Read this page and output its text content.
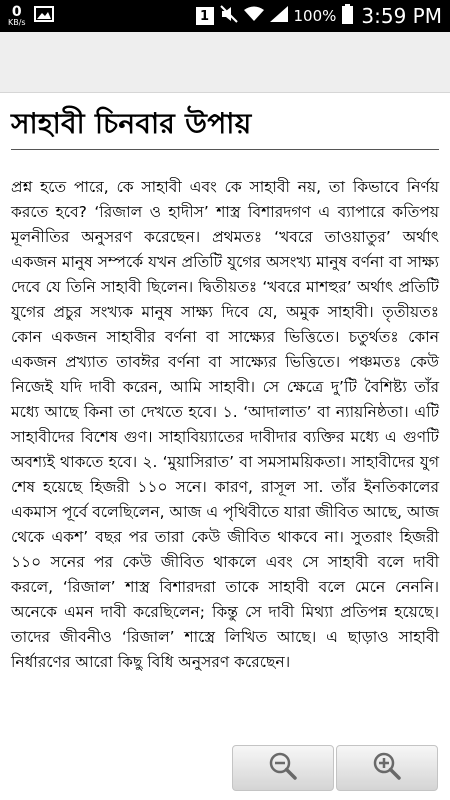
0
KB/s	1	100% 3:59 PM
সাহাবী চিনবার উপায়

প্রশ্ন হতে পারে, কে সাহাবী এবং কে সাহাবী নয়, তা কিভাবে নির্ণয় করতে হবে? ‘রিজাল ও হাদীস’ শাস্ত্র বিশারদগণ এ ব্যাপারে কতিপয় মূলনীতির অনুসরণ করেছেন। প্রথমতঃ ‘খবরে তাওয়াতুর’ অর্থাৎ একজন মানুষ সম্পর্কে যখন প্রতিটি যুগের অসংখ্য মানুষ বর্ণনা বা সাক্ষ্য দেবে যে তিনি সাহাবী ছিলেন। দ্বিতীয়তঃ ‘খবরে মাশহুর’ অর্থাৎ প্রতিটি যুগের প্রচুর সংখ্যক মানুষ সাক্ষ্য দিবে যে, অমুক সাহাবী। তৃতীয়তঃ কোন একজন সাহাবীর বর্ণনা বা সাক্ষ্যের ভিত্তিতে। চতুর্থতঃ কোন একজন প্রখ্যাত তাবঈর বর্ণনা বা সাক্ষ্যের ভিত্তিতে। পঞ্চমতঃ কেউ নিজেই যদি দাবী করেন, আমি সাহাবী। সে ক্ষেত্রে দু’টি বৈশিষ্ট্য তাঁর মধ্যে আছে কিনা তা দেখতে হবে। ১. ‘আদালাত’ বা ন্যায়নিষ্ঠতা। এটি সাহাবীদের বিশেষ গুণ। সাহাবিয়্যাতের দাবীদার ব্যক্তির মধ্যে এ গুণটি অবশ্যই থাকতে হবে। ২. ‘মুয়াসিরাত’ বা সমসাময়িকতা। সাহাবীদের যুগ শেষ হয়েছে হিজরী ১১০ সনে। কারণ, রাসূল সা. তাঁর ইনতিকালের একমাস পূর্বে বলেছিলেন, আজ এ পৃথিবীতে যারা জীবিত আছে, আজ থেকে একশ’ বছর পর তারা কেউ জীবিত থাকবে না। সুতরাং হিজরী ১১০ সনের পর কেউ জীবিত থাকলে এবং সে সাহাবী বলে দাবী করলে, ‘রিজাল’ শাস্ত্র বিশারদরা তাকে সাহাবী বলে মেনে নেননি। অনেকে এমন দাবী করেছিলেন; কিন্তু সে দাবী মিথ্যা প্রতিপন্ন হয়েছে। তাদের জীবনীও ‘রিজাল’ শাস্ত্রে লিখিত আছে। এ ছাড়াও সাহাবী নির্ধারণের আরো কিছু বিধি অনুসরণ করেছেন।
